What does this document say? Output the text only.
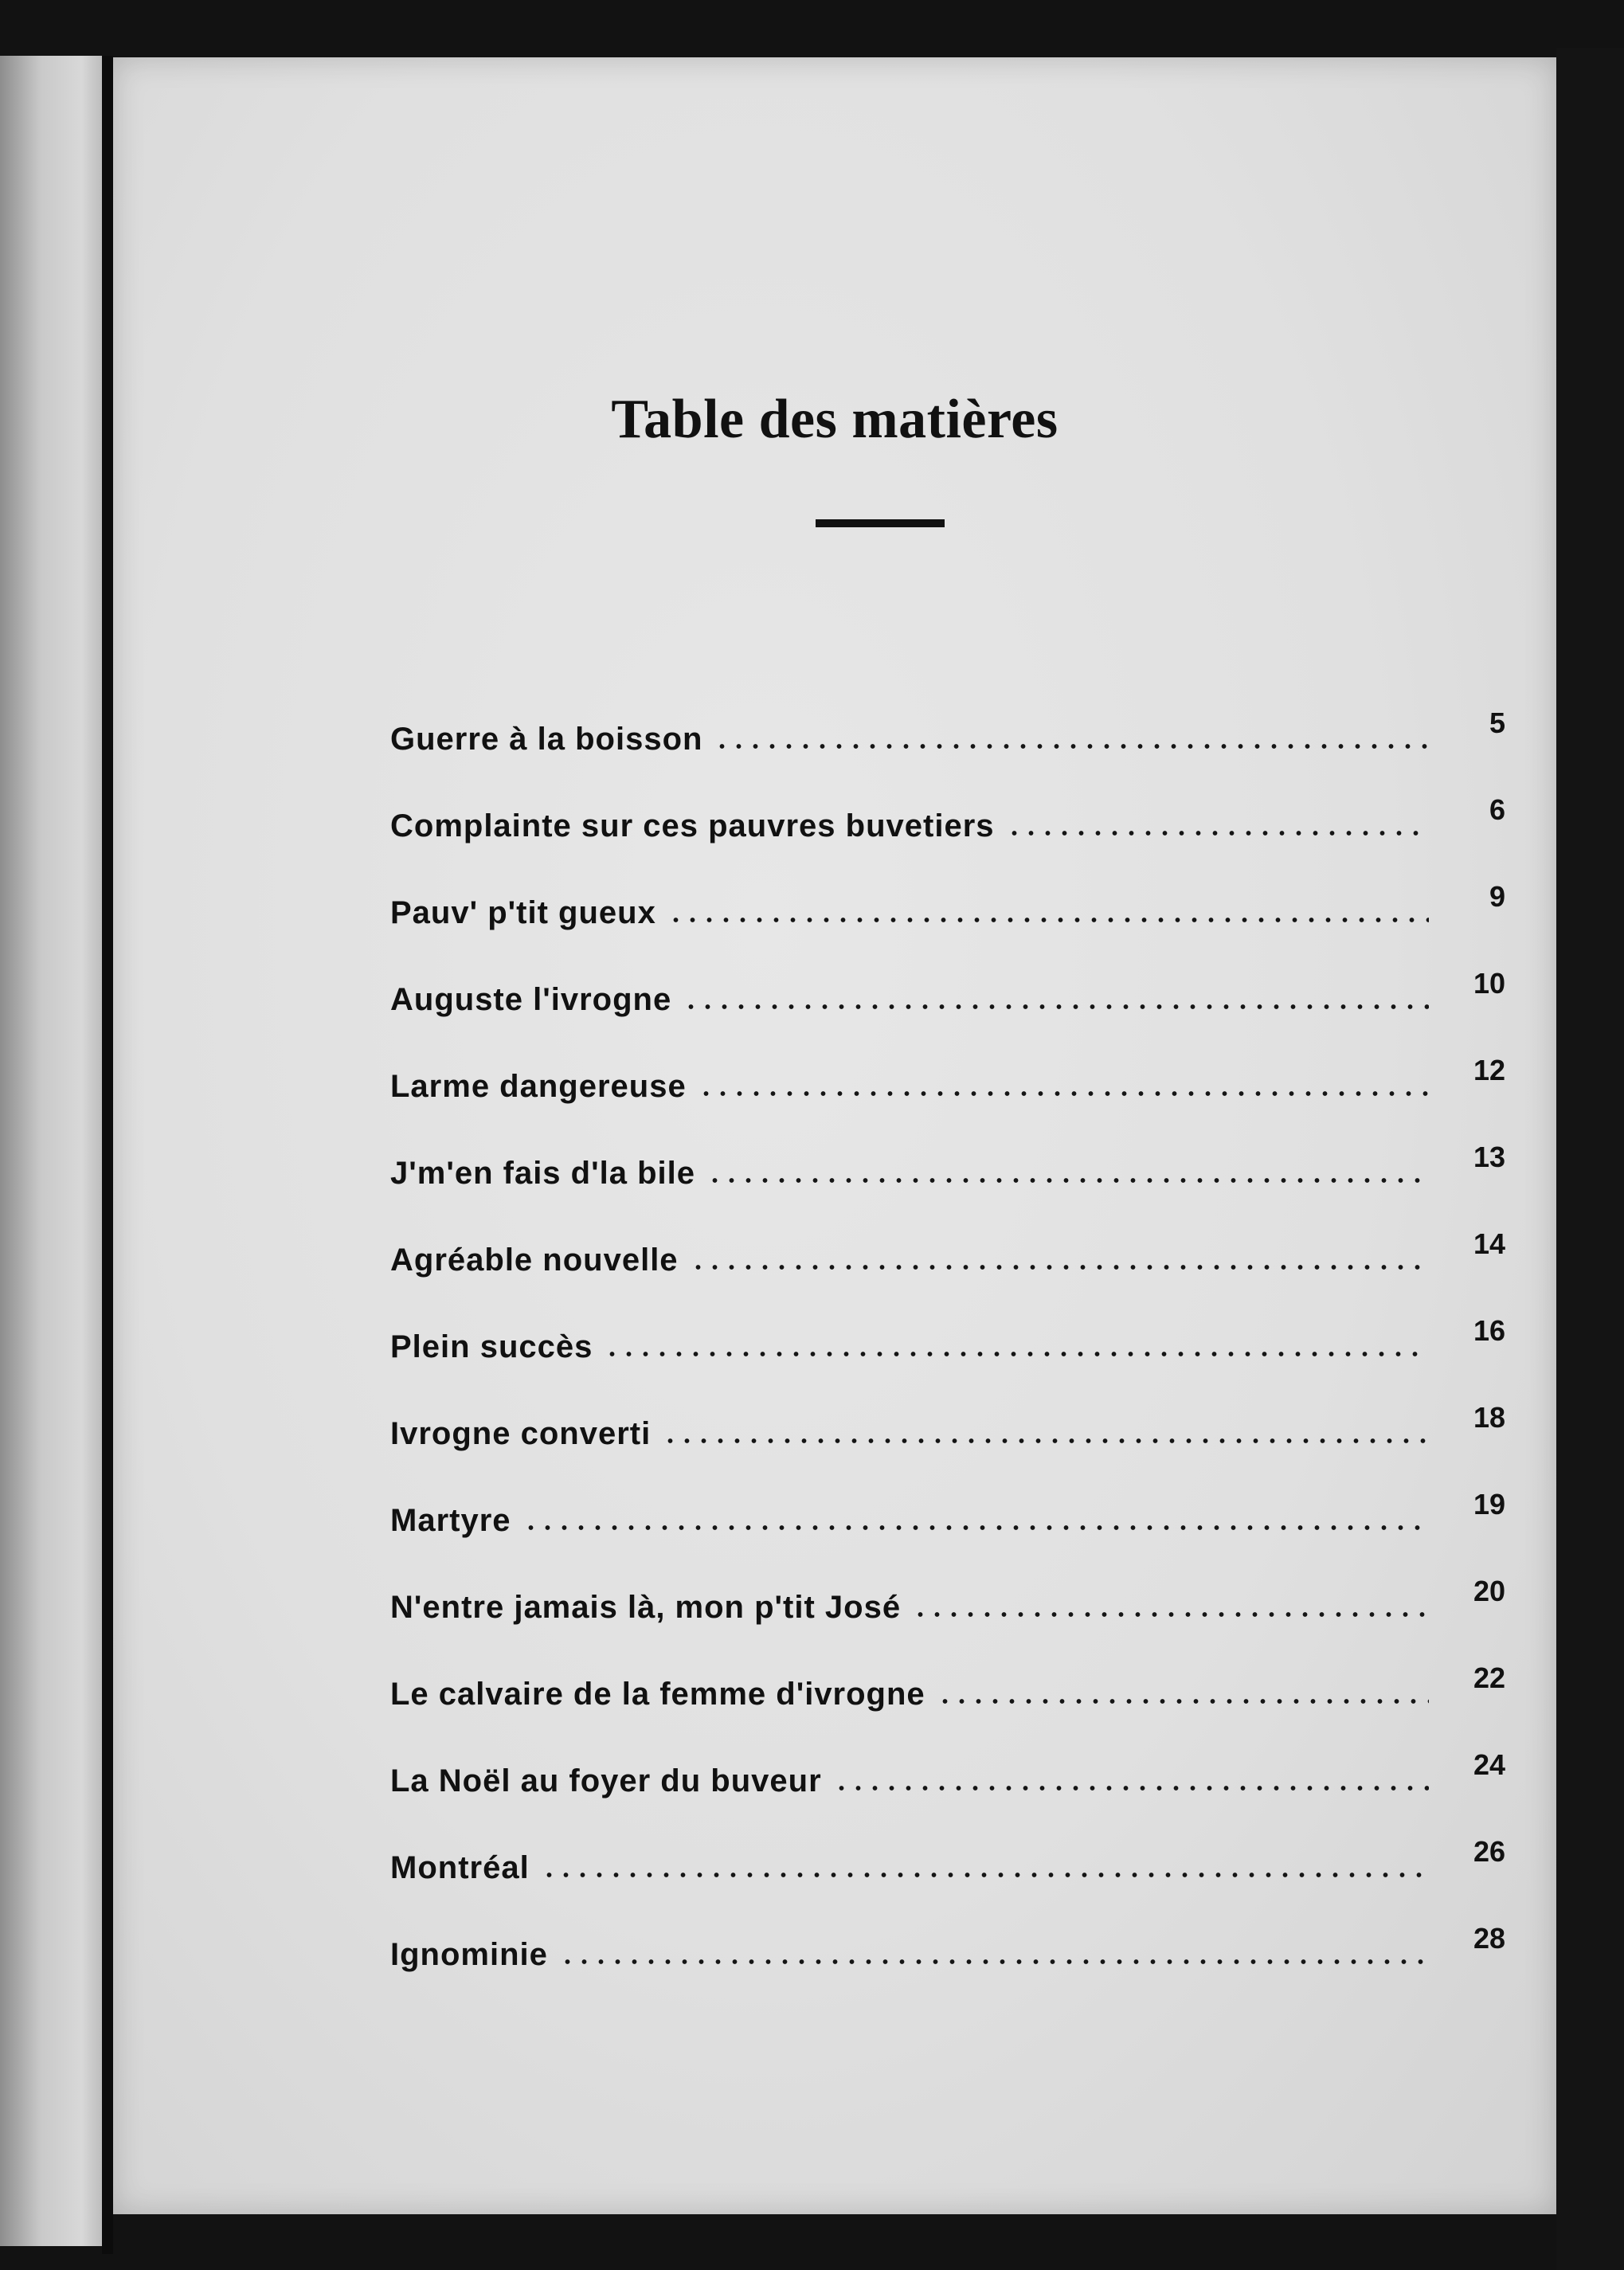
Table des matières
Guerre à la boisson	5
Complainte sur ces pauvres buvetiers	6
Pauv' p'tit gueux	9
Auguste l'ivrogne	10
Larme dangereuse	12
J'm'en fais d'la bile	13
Agréable nouvelle	14
Plein succès	16
Ivrogne converti	18
Martyre	19
N'entre jamais là, mon p'tit José	20
Le calvaire de la femme d'ivrogne	22
La Noël au foyer du buveur	24
Montréal	26
Ignominie	28
